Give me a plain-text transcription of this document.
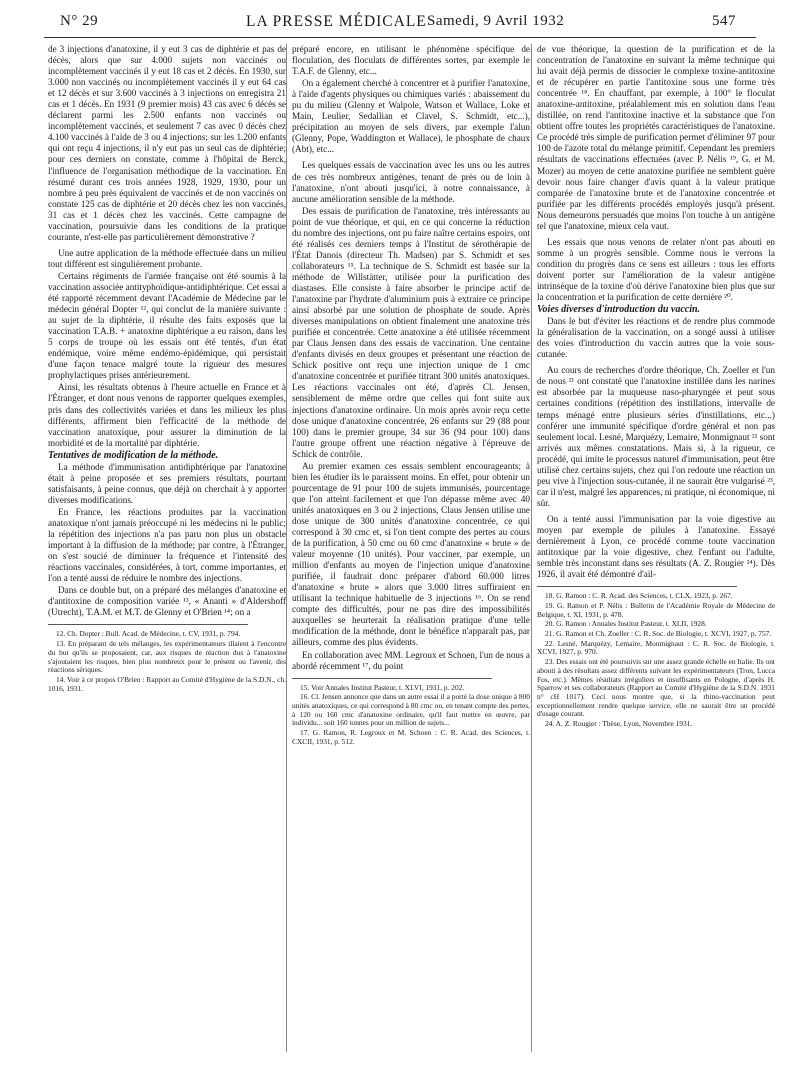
N° 29	LA PRESSE MÉDICALE Samedi, 9 Avril 1932	547

de 3 injections d'anatoxine, il y eut 3 cas de diphtérie et pas de décès, alors que sur 4.000 sujets non vaccinés ou incomplètement vaccinés il y eut 18 cas et 2 décès. En 1930, sur 3.000 non vaccinés ou incomplètement vaccinés il y eut 64 cas et 12 décès et sur 3.600 vaccinés à 3 injections on enregistra 21 cas et 1 décès. En 1931 (9 premier mois) 43 cas avec 6 décès se déclarent parmi les 2.500 enfants non vaccinés ou incomplètement vaccinés, et seulement 7 cas avec 0 décès chez 4.100 vaccinés à l'aide de 3 ou 4 injections; sur les 1.200 enfants qui ont reçu 4 injections, il n'y eut pas un seul cas de diphtérie; pour ces derniers on constate, comme à l'hôpital de Berck, l'influence de l'organisation méthodique de la vaccination. En résumé durant ces trois années 1928, 1929, 1930, pour un nombre à peu près équivalent de vaccinés et de non vaccinés on constate 125 cas de diphtérie et 20 décès chez les non vaccinés, 31 cas et 1 décès chez les vaccinés. Cette campagne de vaccination, poursuivie dans les conditions de la pratique courante, n'est-elle pas particulièrement démonstrative ?

Une autre application de la méthode effectuée dans un milieu tout différent est singulièrement probante.

Certains régiments de l'armée française ont été soumis à la vaccination associée antityphoïdique-antidiphtérique. Cet essai a été rapporté récemment devant l'Académie de Médecine par le médecin général Dopter ¹², qui conclut de la manière suivante : au sujet de la diphtérie, il résulte des faits exposés que la vaccination T.A.B. + anatoxine diphtérique a eu raison, dans les 5 corps de troupe où les essais ont été tentés, d'un état endémique, voire même endémo-épidémique, qui persistait d'une façon tenace malgré toute la rigueur des mesures prophylactiques prises antérieurement.

Ainsi, les résultats obtenus à l'heure actuelle en France et à l'Étranger, et dont nous venons de rapporter quelques exemples, pris dans des collectivités variées et dans les milieux les plus différents, affirment bien l'efficacité de la méthode de vaccination anatoxique, pour assurer la diminution de la morbidité et de la mortalité par diphtérie.

Tentatives de modification de la méthode.

La méthode d'immunisation antidiphtérique par l'anatoxine était à peine proposée et ses premiers résultats, pourtant satisfaisants, à peine connus, que déjà on cherchait à y apporter diverses modifications.

En France, les réactions produites par la vaccination anatoxique n'ont jamais préoccupé ni les médecins ni le public; la répétition des injections n'a pas paru non plus un obstacle important à la diffusion de la méthode; par contre, à l'Étranger, on s'est soucié de diminuer la fréquence et l'intensité des réactions vaccinales, considérées, à tort, comme importantes, et l'on a tenté aussi de réduire le nombre des injections.

Dans ce double but, on a préparé des mélanges d'anatoxine et d'antitoxine de composition variée ¹³, « Ananti » d'Aldershoff (Utrecht), T.A.M. et M.T. de Glenny et O'Brien ¹⁴; on a

12. Ch. Dopter : Bull. Acad. de Médecine, t. CV, 1931, p. 794.

13. En préparant de tels mélanges, les expérimentateurs illaient à l'encontre du but qu'ils se proposaient, car, aux risques de réaction dus à l'anatoxine s'ajoutaient les risques, bien plus nombreux pour le présent ou l'avenir, des réactions sériques.

14. Voir à ce propos O'Brien : Rapport au Comité d'Hygiène de la S.D.N., ch. 1016, 1931.

préparé encore, en utilisant le phénomène spécifique de floculation, des floculats de différentes sortes, par exemple le T.A.F. de Glenny, etc...

On a également cherché à concentrer et à purifier l'anatoxine, à l'aide d'agents physiques ou chimiques variés : abaissement du pu du milieu (Glenny et Walpole, Watson et Wallace, Loke et Main, Leulier, Sedallian et Clavel, S. Schmidt, etc...), précipitation au moyen de sels divers, par exemple l'alun (Glenny, Pope, Waddington et Wallace), le phosphate de chaux (Abt), etc...

Les quelques essais de vaccination avec les uns ou les autres de ces très nombreux antigènes, tenant de près ou de loin à l'anatoxine, n'ont abouti jusqu'ici, à notre connaissance, à aucune amélioration sensible de la méthode.

Des essais de purification de l'anatoxine, très intéressants au point de vue théorique, et qui, en ce qui concerne la réduction du nombre des injections, ont pu faire naître certains espoirs, ont été réalisés ces derniers temps à l'Institut de sérothérapie de l'État Danois (directeur Th. Madsen) par S. Schmidt et ses collaborateurs ¹⁵. La technique de S. Schmidt est basée sur la méthode de Willstätter, utilisée pour la purification des diastases. Elle consiste à faire absorber le principe actif de l'anatoxine par l'hydrate d'aluminium puis à extraire ce principe ainsi absorbé par une solution de phosphate de soude. Après diverses manipulations on obtient finalement une anatoxine très purifiée et concentrée. Cette anatoxine a été utilisée récemment par Claus Jensen dans des essais de vaccination. Une centaine d'enfants divisés en deux groupes et présentant une réaction de Schick positive ont reçu une injection unique de 1 cmc d'anatoxine concentrée et purifiée titrant 300 unités anatoxiques. Les réactions vaccinales ont été, d'après Cl. Jensen, sensiblement de même ordre que celles qui font suite aux injections d'anatoxine ordinaire. Un mois après avoir reçu cette dose unique d'anatoxine concentrée, 26 enfants sur 29 (88 pour 100) dans le premier groupe, 34 sur 36 (94 pour 100) dans l'autre groupe offrent une réaction négative à l'épreuve de Schick de contrôle.

Au premier examen ces essais semblent encourageants; à bien les étudier ils le paraissent moins. En effet, pour obtenir un pourcentage de 91 pour 100 de sujets immunisés, pourcentage que l'on atteint facilement et que l'on dépasse même avec 40 unités anatoxiques en 3 ou 2 injections, Claus Jensen utilise une dose unique de 300 unités d'anatoxine concentrée, ce qui correspond à 30 cmc et, si l'on tient compte des pertes au cours de la purification, à 50 cmc ou 60 cmc d'anatoxine « brute » de valeur moyenne (10 unités). Pour vacciner, par exemple, un million d'enfants au moyen de l'injection unique d'anatoxine purifiée, il faudrait donc préparer d'abord 60.000 litres d'anatoxine « brute » alors que 3.000 litres suffiraient en utilisant la technique habituelle de 3 injections ¹⁶. On se rend compte des difficultés, pour ne pas dire des impossibilités auxquelles se heurterait la réalisation pratique d'une telle modification de la méthode, dont le bénéfice n'apparaît pas, par ailleurs, comme des plus évidents.

En collaboration avec MM. Legroux et Schoen, l'un de nous a abordé récemment ¹⁷, du point

15. Voir Annales Institut Pasteur, t. XLVI, 1931, p. 202.

16. Cl. Jensen annonce que dans un autre essai il a porté la dose unique à 800 unités anatoxiques, ce qui correspond à 80 cmc ou, en tenant compte des pertes, à 120 ou 160 cmc d'anatoxine ordinaire, qu'il faut mettre en œuvre, par individu... soit 160 tonnes pour un million de sujets...

17. G. Ramon, R. Legroux et M. Schoen : C. R. Acad. des Sciences, t. CXCII, 1931, p. 512.

de vue théorique, la question de la purification et de la concentration de l'anatoxine en suivant la même technique qui lui avait déjà permis de dissocier le complexe toxine-antitoxine et de récupérer en partie l'antitoxine sous une forme très concentrée ¹⁸. En chauffant, par exemple, à 100° le floculat anatoxine-antitoxine, préalablement mis en solution dans l'eau distillée, on rend l'antitoxine inactive et la substance que l'on obtient offre toutes les propriétés caractéristiques de l'anatoxine. Ce procédé très simple de purification permet d'éliminer 97 pour 100 de l'azote total du mélange primitif. Cependant les premiers résultats de vaccinations effectuées (avec P. Nélis ¹⁹, G. et M. Mozer) au moyen de cette anatoxine purifiée ne semblent guère devoir nous faire changer d'avis quant à la valeur pratique comparée de l'anatoxine brute et de l'anatoxine concentrée et purifiée par les différents procédés employés jusqu'à présent. Nous demeurons persuadés que moins l'on touche à un antigène tel que l'anatoxine, mieux cela vaut.

Les essais que nous venons de relater n'ont pas abouti en somme à un progrès sensible. Comme nous le verrons la condition du progrès dans ce sens est ailleurs : tous les efforts doivent porter sur l'amélioration de la valeur antigène intrinsèque de la toxine d'où dérive l'anatoxine bien plus que sur la concentration et la purification de cette dernière ²⁰.

Voies diverses d'introduction du vaccin.

Dans le but d'éviter les réactions et de rendre plus commode la généralisation de la vaccination, on a songé aussi à utiliser des voies d'introduction du vaccin autres que la voie sous-cutanée.

Au cours de recherches d'ordre théorique, Ch. Zoeller et l'un de nous ²¹ ont constaté que l'anatoxine instillée dans les narines est absorbée par la muqueuse naso-pharyngée et peut sous certaines conditions (répétition des instillations, intervalle de temps ménagé entre plusieurs séries d'instillations, etc...) conférer une immunité spécifique d'ordre général et non pas seulement local. Lesné, Marquézy, Lemaire, Monmignaut ²² sont arrivés aux mêmes constatations. Mais si, à la rigueur, ce procédé, qui imite le processus naturel d'immunisation, peut être utilisé chez certains sujets, chez qui l'on redoute une réaction un peu vive à l'injection sous-cutanée, il ne saurait être vulgarisé ²³, car il n'est, malgré les apparences, ni pratique, ni économique, ni sûr.

On a tenté aussi l'immunisation par la voie digestive au moyen par exemple de pilules à l'anatoxine. Essayé dernièrement à Lyon, ce procédé comme toute vaccination antitoxique par la voie digestive, chez l'enfant ou l'adulte, semble très inconstant dans ses résultats (A. Z. Rougier ²⁴). Dès 1926, il avait été démontré d'ail-

18. G. Ramon : C. R. Acad. des Sciences, t. CLX, 1923, p. 267.

19. G. Ramon et P. Nélis : Bulletin de l'Académie Royale de Médecine de Belgique, t. XI, 1931, p. 478.

20. G. Ramon : Annales Institut Pasteur, t. XLII, 1928.

21. G. Ramon et Ch. Zoeller : C. R. Soc. de Biologie, t. XCVI, 1927, p. 757.

22. Lesné, Marquézy, Lemaire, Monmignaut : C. R. Soc. de Biologie, t. XCVI, 1927, p. 970.

23. Des essais ont été poursuivis sur une assez grande échelle en Italie. Ils ont abouti à des résultats assez différents suivant les expérimentateurs (Tron, Lucca Fos, etc.). Mêmes résultats irréguliers et insuffisants en Pologne, d'après H. Sparrow et ses collaborateurs (Rapport au Comité d'Hygiène de la S.D.N. 1931 n° cH 1017). Ceci nous montre que, si la rhino-vaccination peut exceptionnellement rendre quelque service, elle ne saurait être un procédé d'usage courant.

24. A. Z. Rougier : Thèse, Lyon, Novembre 1931.
